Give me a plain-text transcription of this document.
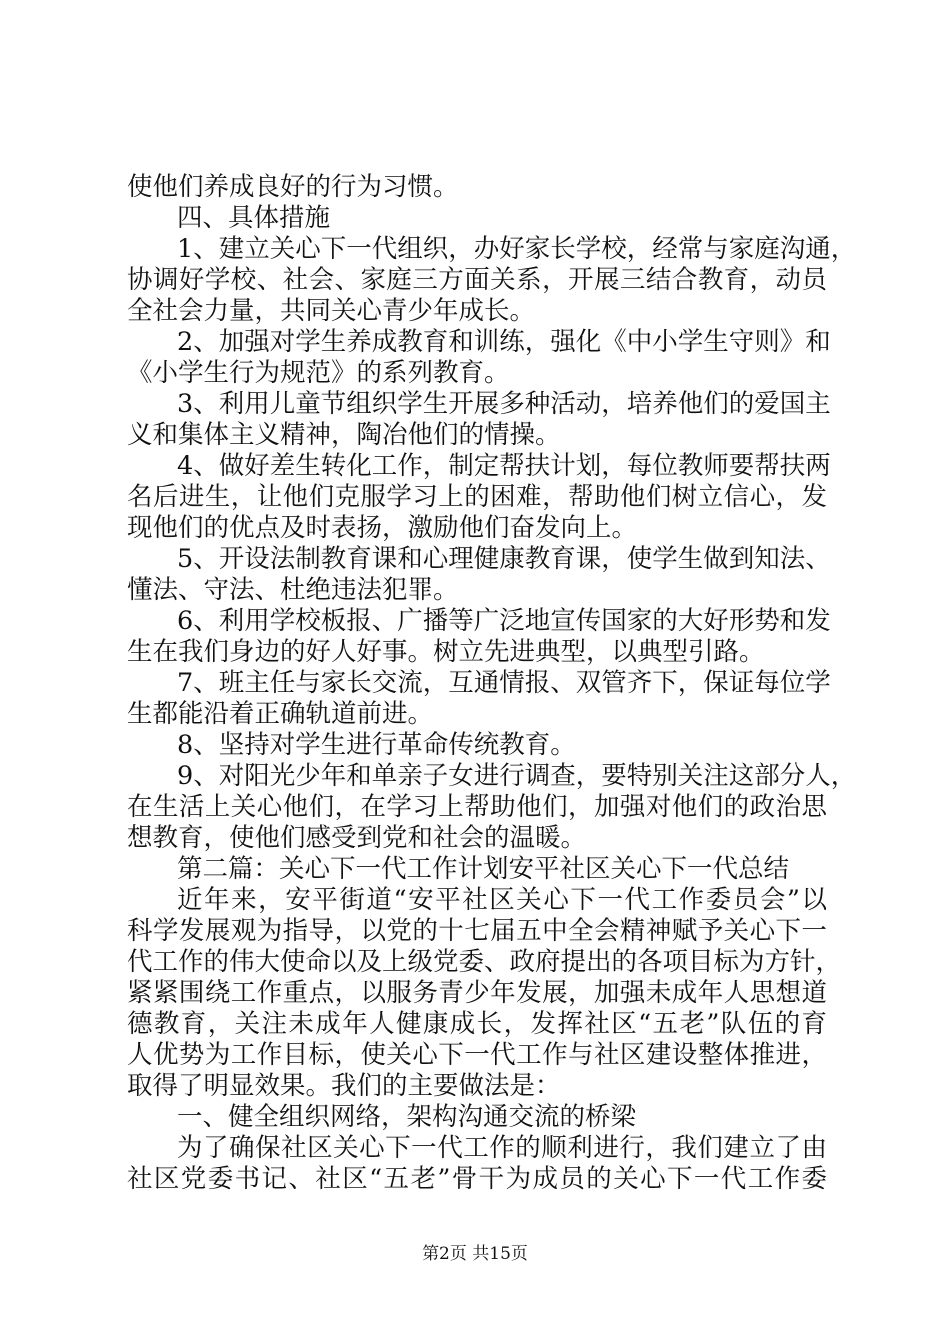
使他们养成良好的行为习惯。
四、具体措施
1、建立关心下一代组织，办好家长学校，经常与家庭沟通，
协调好学校、社会、家庭三方面关系，开展三结合教育，动员
全社会力量，共同关心青少年成长。
2、加强对学生养成教育和训练，强化《中小学生守则》和
《小学生行为规范》的系列教育。
3、利用儿童节组织学生开展多种活动，培养他们的爱国主
义和集体主义精神，陶冶他们的情操。
4、做好差生转化工作，制定帮扶计划，每位教师要帮扶两
名后进生，让他们克服学习上的困难，帮助他们树立信心，发
现他们的优点及时表扬，激励他们奋发向上。
5、开设法制教育课和心理健康教育课，使学生做到知法、
懂法、守法、杜绝违法犯罪。
6、利用学校板报、广播等广泛地宣传国家的大好形势和发
生在我们身边的好人好事。树立先进典型，以典型引路。
7、班主任与家长交流，互通情报、双管齐下，保证每位学
生都能沿着正确轨道前进。
8、坚持对学生进行革命传统教育。
9、对阳光少年和单亲子女进行调查，要特别关注这部分人，
在生活上关心他们，在学习上帮助他们，加强对他们的政治思
想教育，使他们感受到党和社会的温暖。
第二篇：关心下一代工作计划安平社区关心下一代总结
近年来，安平街道“安平社区关心下一代工作委员会”以
科学发展观为指导，以党的十七届五中全会精神赋予关心下一
代工作的伟大使命以及上级党委、政府提出的各项目标为方针，
紧紧围绕工作重点，以服务青少年发展，加强未成年人思想道
德教育，关注未成年人健康成长，发挥社区“五老”队伍的育
人优势为工作目标，使关心下一代工作与社区建设整体推进，
取得了明显效果。我们的主要做法是：
一、健全组织网络，架构沟通交流的桥梁
为了确保社区关心下一代工作的顺利进行，我们建立了由
社区党委书记、社区“五老”骨干为成员的关心下一代工作委
第2页 共15页
